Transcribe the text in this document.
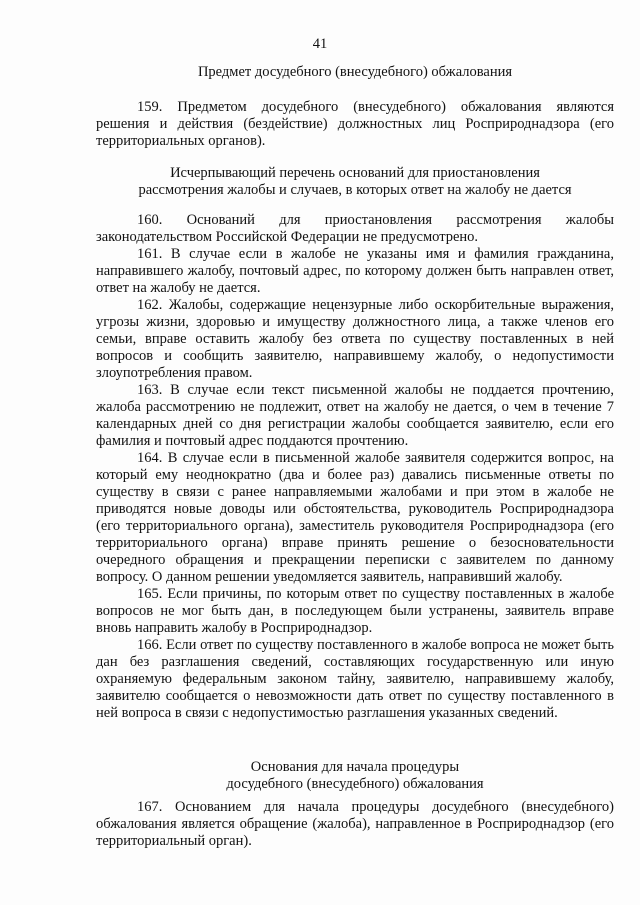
41
Предмет досудебного (внесудебного) обжалования

159. Предметом досудебного (внесудебного) обжалования являются решения и действия (бездействие) должностных лиц Росприроднадзора (его территориальных органов).

Исчерпывающий перечень оснований для приостановления
рассмотрения жалобы и случаев, в которых ответ на жалобу не дается

160. Оснований для приостановления рассмотрения жалобы законодательством Российской Федерации не предусмотрено.

161. В случае если в жалобе не указаны имя и фамилия гражданина, направившего жалобу, почтовый адрес, по которому должен быть направлен ответ, ответ на жалобу не дается.

162. Жалобы, содержащие нецензурные либо оскорбительные выражения, угрозы жизни, здоровью и имуществу должностного лица, а также членов его семьи, вправе оставить жалобу без ответа по существу поставленных в ней вопросов и сообщить заявителю, направившему жалобу, о недопустимости злоупотребления правом.

163. В случае если текст письменной жалобы не поддается прочтению, жалоба рассмотрению не подлежит, ответ на жалобу не дается, о чем в течение 7 календарных дней со дня регистрации жалобы сообщается заявителю, если его фамилия и почтовый адрес поддаются прочтению.

164. В случае если в письменной жалобе заявителя содержится вопрос, на который ему неоднократно (два и более раз) давались письменные ответы по существу в связи с ранее направляемыми жалобами и при этом в жалобе не приводятся новые доводы или обстоятельства, руководитель Росприроднадзора (его территориального органа), заместитель руководителя Росприроднадзора (его территориального органа) вправе принять решение о безосновательности очередного обращения и прекращении переписки с заявителем по данному вопросу. О данном решении уведомляется заявитель, направивший жалобу.

165. Если причины, по которым ответ по существу поставленных в жалобе вопросов не мог быть дан, в последующем были устранены, заявитель вправе вновь направить жалобу в Росприроднадзор.

166. Если ответ по существу поставленного в жалобе вопроса не может быть дан без разглашения сведений, составляющих государственную или иную охраняемую федеральным законом тайну, заявителю, направившему жалобу, заявителю сообщается о невозможности дать ответ по существу поставленного в ней вопроса в связи с недопустимостью разглашения указанных сведений.

Основания для начала процедуры
досудебного (внесудебного) обжалования

167. Основанием для начала процедуры досудебного (внесудебного) обжалования является обращение (жалоба), направленное в Росприроднадзор (его территориальный орган).
